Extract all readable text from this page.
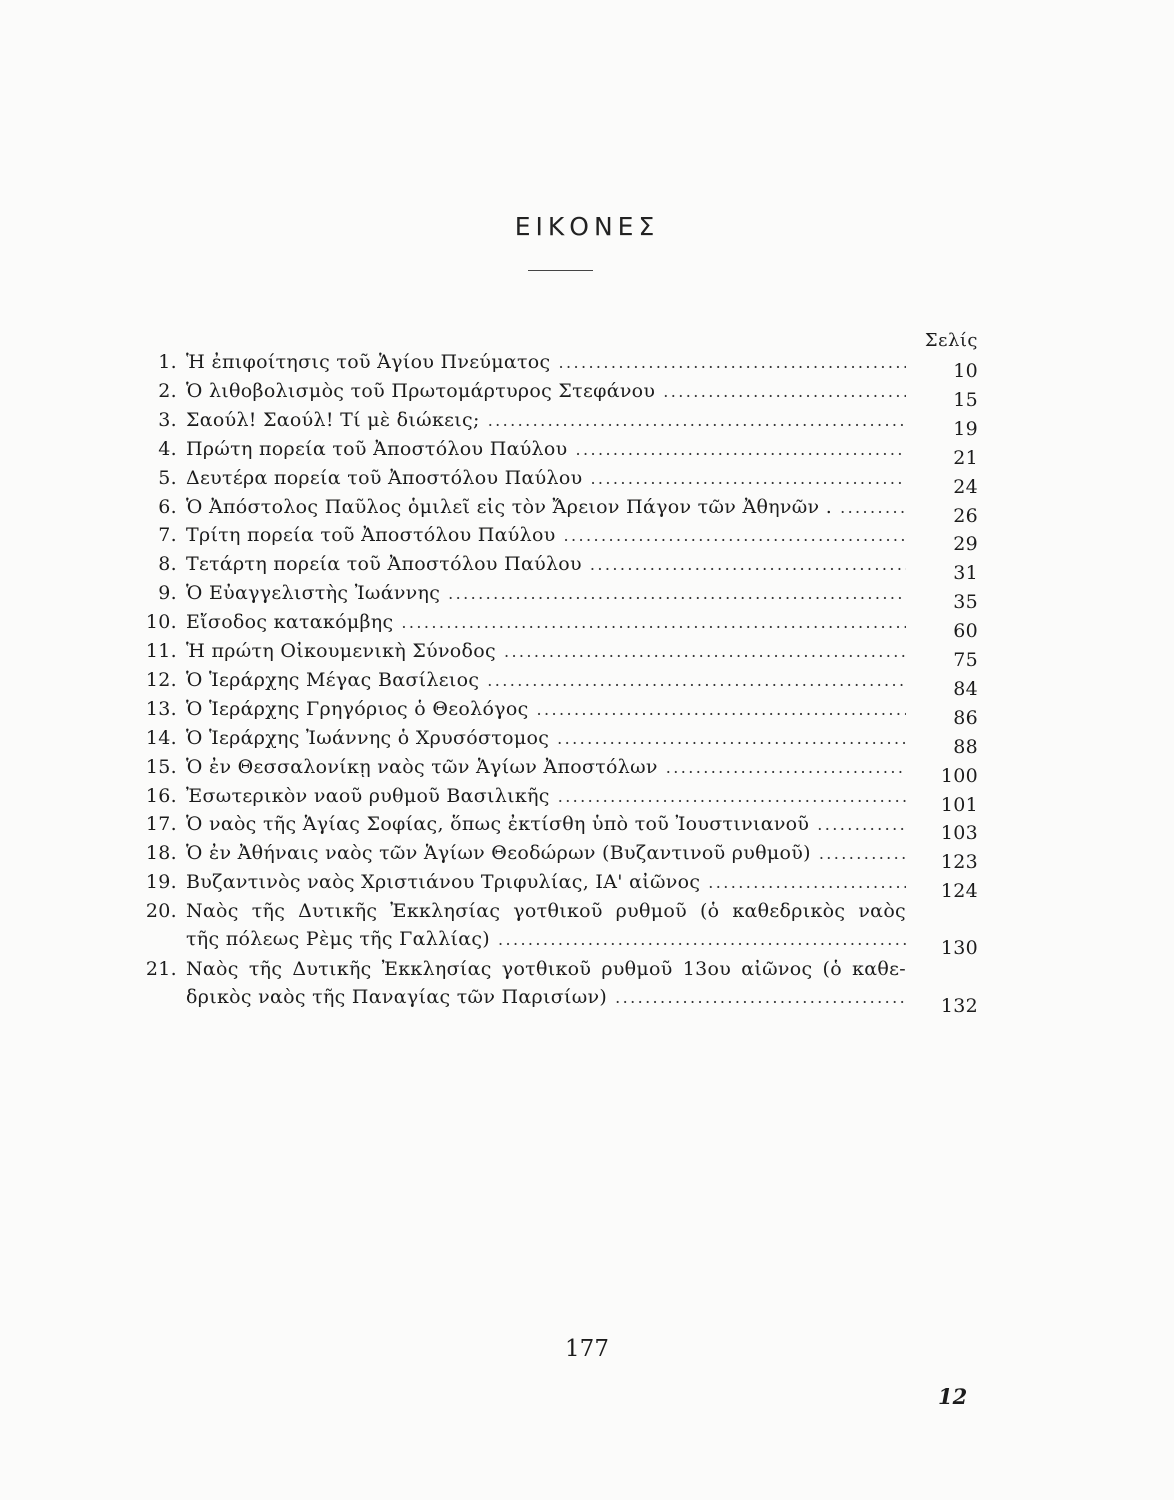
ΕΙΚΟΝΕΣ
Σελίς
1. Ἡ ἐπιφοίτησις τοῦ Ἁγίου Πνεύματος .....	10
2. Ὁ λιθοβολισμὸς τοῦ Πρωτομάρτυρος Στεφάνου .....	15
3. Σαούλ! Σαούλ! Τί μὲ διώκεις; .....	19
4. Πρώτη πορεία τοῦ Ἀποστόλου Παύλου .....	21
5. Δευτέρα πορεία τοῦ Ἀποστόλου Παύλου .....	24
6. Ὁ Ἀπόστολος Παῦλος ὁμιλεῖ εἰς τὸν Ἄρειον Πάγον τῶν Ἀθηνῶν . .....	26
7. Τρίτη πορεία τοῦ Ἀποστόλου Παύλου .....	29
8. Τετάρτη πορεία τοῦ Ἀποστόλου Παύλου .....	31
9. Ὁ Εὐαγγελιστὴς Ἰωάννης .....	35
10. Εἴσοδος κατακόμβης .....	60
11. Ἡ πρώτη Οἰκουμενικὴ Σύνοδος .....	75
12. Ὁ Ἱεράρχης Μέγας Βασίλειος .....	84
13. Ὁ Ἱεράρχης Γρηγόριος ὁ Θεολόγος .....	86
14. Ὁ Ἱεράρχης Ἰωάννης ὁ Χρυσόστομος .....	88
15. Ὁ ἐν Θεσσαλονίκῃ ναὸς τῶν Ἁγίων Ἀποστόλων .....	100
16. Ἐσωτερικὸν ναοῦ ρυθμοῦ Βασιλικῆς .....	101
17. Ὁ ναὸς τῆς Ἁγίας Σοφίας, ὅπως ἐκτίσθη ὑπὸ τοῦ Ἰουστινιανοῦ .....	103
18. Ὁ ἐν Ἀθήναις ναὸς τῶν Ἁγίων Θεοδώρων (Βυζαντινοῦ ρυθμοῦ) .....	123
19. Βυζαντινὸς ναὸς Χριστιάνου Τριφυλίας, ΙΑ' αἰῶνος .....	124
20. Ναὸς τῆς Δυτικῆς Ἐκκλησίας γοτθικοῦ ρυθμοῦ (ὁ καθεδρικὸς ναὸς
τῆς πόλεως Ρὲμς τῆς Γαλλίας) .....	130
21. Ναὸς τῆς Δυτικῆς Ἐκκλησίας γοτθικοῦ ρυθμοῦ 13ου αἰῶνος (ὁ καθε-
δρικὸς ναὸς τῆς Παναγίας τῶν Παρισίων) .....	132
177
12
